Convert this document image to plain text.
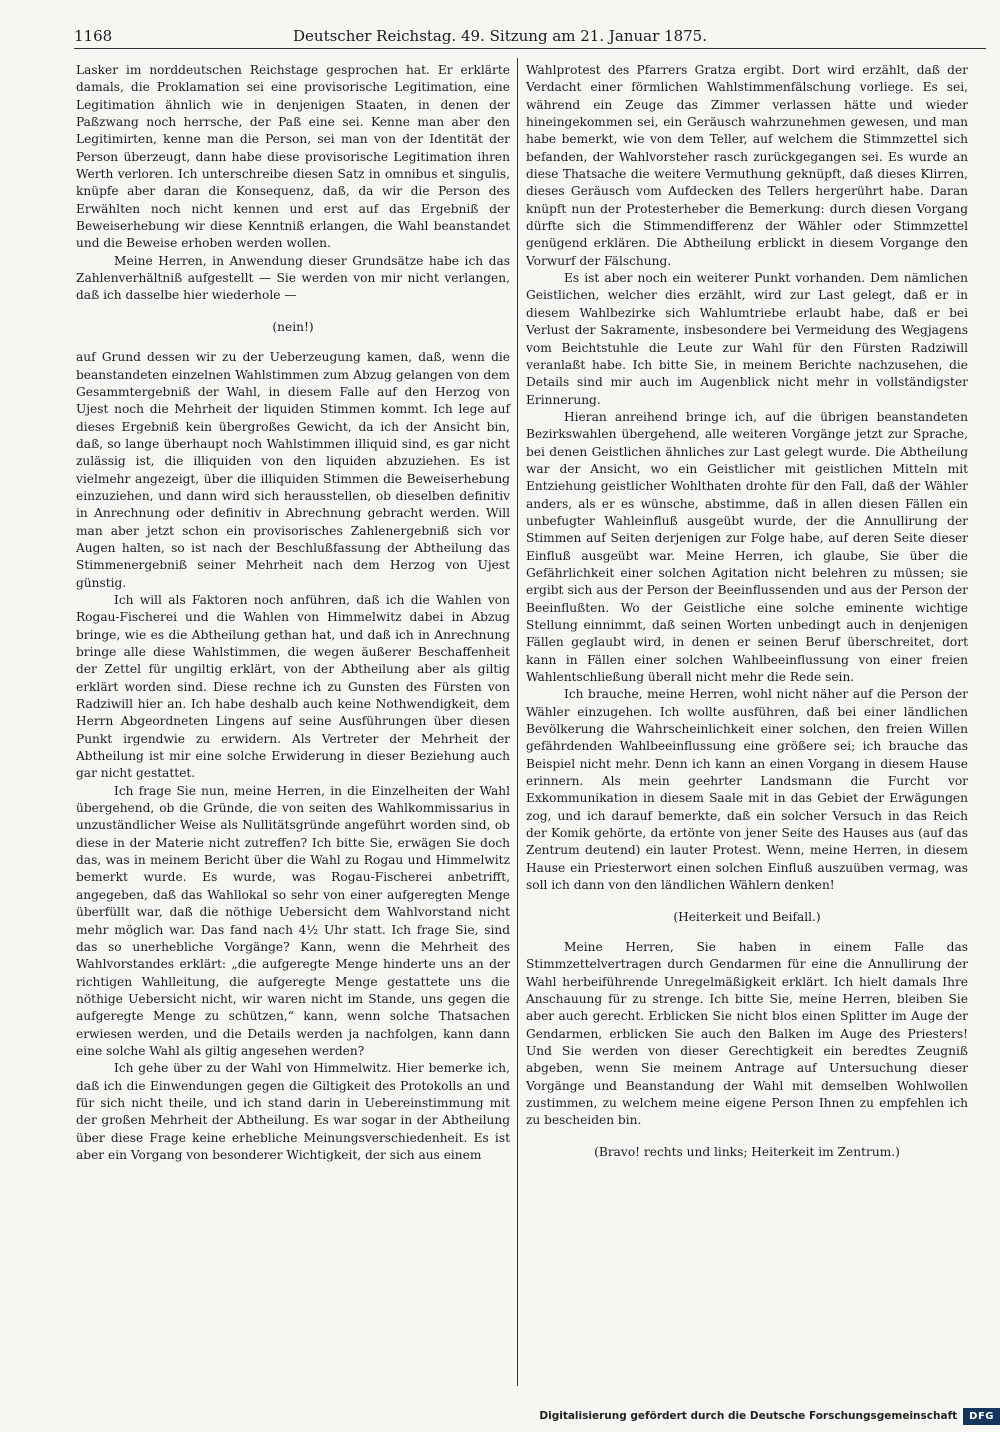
1168	Deutscher Reichstag. 49. Sitzung am 21. Januar 1875.

Lasker im norddeutschen Reichstage gesprochen hat. Er erklärte damals, die Proklamation sei eine provisorische Legitimation, eine Legitimation ähnlich wie in denjenigen Staaten, in denen der Paßzwang noch herrsche, der Paß eine sei. Kenne man aber den Legitimirten, kenne man die Person, sei man von der Identität der Person überzeugt, dann habe diese provisorische Legitimation ihren Werth verloren. Ich unterschreibe diesen Satz in omnibus et singulis, knüpfe aber daran die Konsequenz, daß, da wir die Person des Erwählten noch nicht kennen und erst auf das Ergebniß der Beweiserhebung wir diese Kenntniß erlangen, die Wahl beanstandet und die Beweise erhoben werden wollen.

Meine Herren, in Anwendung dieser Grundsätze habe ich das Zahlenverhältniß aufgestellt — Sie werden von mir nicht verlangen, daß ich dasselbe hier wiederhole —

(nein!)

auf Grund dessen wir zu der Ueberzeugung kamen, daß, wenn die beanstandeten einzelnen Wahlstimmen zum Abzug gelangen von dem Gesammtergebniß der Wahl, in diesem Falle auf den Herzog von Ujest noch die Mehrheit der liquiden Stimmen kommt. Ich lege auf dieses Ergebniß kein übergroßes Gewicht, da ich der Ansicht bin, daß, so lange überhaupt noch Wahlstimmen illiquid sind, es gar nicht zulässig ist, die illiquiden von den liquiden abzuziehen. Es ist vielmehr angezeigt, über die illiquiden Stimmen die Beweiserhebung einzuziehen, und dann wird sich herausstellen, ob dieselben definitiv in Anrechnung oder definitiv in Abrechnung gebracht werden. Will man aber jetzt schon ein provisorisches Zahlenergebniß sich vor Augen halten, so ist nach der Beschlußfassung der Abtheilung das Stimmenergebniß seiner Mehrheit nach dem Herzog von Ujest günstig.

Ich will als Faktoren noch anführen, daß ich die Wahlen von Rogau-Fischerei und die Wahlen von Himmelwitz dabei in Abzug bringe, wie es die Abtheilung gethan hat, und daß ich in Anrechnung bringe alle diese Wahlstimmen, die wegen äußerer Beschaffenheit der Zettel für ungiltig erklärt, von der Abtheilung aber als giltig erklärt worden sind. Diese rechne ich zu Gunsten des Fürsten von Radziwill hier an. Ich habe deshalb auch keine Nothwendigkeit, dem Herrn Abgeordneten Lingens auf seine Ausführungen über diesen Punkt irgendwie zu erwidern. Als Vertreter der Mehrheit der Abtheilung ist mir eine solche Erwiderung in dieser Beziehung auch gar nicht gestattet.

Ich frage Sie nun, meine Herren, in die Einzelheiten der Wahl übergehend, ob die Gründe, die von seiten des Wahlkommissarius in unzuständlicher Weise als Nullitätsgründe angeführt worden sind, ob diese in der Materie nicht zutreffen? Ich bitte Sie, erwägen Sie doch das, was in meinem Bericht über die Wahl zu Rogau und Himmelwitz bemerkt wurde. Es wurde, was Rogau-Fischerei anbetrifft, angegeben, daß das Wahllokal so sehr von einer aufgeregten Menge überfüllt war, daß die nöthige Uebersicht dem Wahlvorstand nicht mehr möglich war. Das fand nach 4½ Uhr statt. Ich frage Sie, sind das so unerhebliche Vorgänge? Kann, wenn die Mehrheit des Wahlvorstandes erklärt: „die aufgeregte Menge hinderte uns an der richtigen Wahlleitung, die aufgeregte Menge gestattete uns die nöthige Uebersicht nicht, wir waren nicht im Stande, uns gegen die aufgeregte Menge zu schützen,“ kann, wenn solche Thatsachen erwiesen werden, und die Details werden ja nachfolgen, kann dann eine solche Wahl als giltig angesehen werden?

Ich gehe über zu der Wahl von Himmelwitz. Hier bemerke ich, daß ich die Einwendungen gegen die Giltigkeit des Protokolls an und für sich nicht theile, und ich stand darin in Uebereinstimmung mit der großen Mehrheit der Abtheilung. Es war sogar in der Abtheilung über diese Frage keine erhebliche Meinungsverschiedenheit. Es ist aber ein Vorgang von besonderer Wichtigkeit, der sich aus einem

Wahlprotest des Pfarrers Gratza ergibt. Dort wird erzählt, daß der Verdacht einer förmlichen Wahlstimmenfälschung vorliege. Es sei, während ein Zeuge das Zimmer verlassen hätte und wieder hineingekommen sei, ein Geräusch wahrzunehmen gewesen, und man habe bemerkt, wie von dem Teller, auf welchem die Stimmzettel sich befanden, der Wahlvorsteher rasch zurückgegangen sei. Es wurde an diese Thatsache die weitere Vermuthung geknüpft, daß dieses Klirren, dieses Geräusch vom Aufdecken des Tellers hergerührt habe. Daran knüpft nun der Protesterheber die Bemerkung: durch diesen Vorgang dürfte sich die Stimmendifferenz der Wähler oder Stimmzettel genügend erklären. Die Abtheilung erblickt in diesem Vorgange den Vorwurf der Fälschung.

Es ist aber noch ein weiterer Punkt vorhanden. Dem nämlichen Geistlichen, welcher dies erzählt, wird zur Last gelegt, daß er in diesem Wahlbezirke sich Wahlumtriebe erlaubt habe, daß er bei Verlust der Sakramente, insbesondere bei Vermeidung des Wegjagens vom Beichtstuhle die Leute zur Wahl für den Fürsten Radziwill veranlaßt habe. Ich bitte Sie, in meinem Berichte nachzusehen, die Details sind mir auch im Augenblick nicht mehr in vollständigster Erinnerung.

Hieran anreihend bringe ich, auf die übrigen beanstandeten Bezirkswahlen übergehend, alle weiteren Vorgänge jetzt zur Sprache, bei denen Geistlichen ähnliches zur Last gelegt wurde. Die Abtheilung war der Ansicht, wo ein Geistlicher mit geistlichen Mitteln mit Entziehung geistlicher Wohlthaten drohte für den Fall, daß der Wähler anders, als er es wünsche, abstimme, daß in allen diesen Fällen ein unbefugter Wahleinfluß ausgeübt wurde, der die Annullirung der Stimmen auf Seiten derjenigen zur Folge habe, auf deren Seite dieser Einfluß ausgeübt war. Meine Herren, ich glaube, Sie über die Gefährlichkeit einer solchen Agitation nicht belehren zu müssen; sie ergibt sich aus der Person der Beeinflussenden und aus der Person der Beeinflußten. Wo der Geistliche eine solche eminente wichtige Stellung einnimmt, daß seinen Worten unbedingt auch in denjenigen Fällen geglaubt wird, in denen er seinen Beruf überschreitet, dort kann in Fällen einer solchen Wahlbeeinflussung von einer freien Wahlentschließung überall nicht mehr die Rede sein.

Ich brauche, meine Herren, wohl nicht näher auf die Person der Wähler einzugehen. Ich wollte ausführen, daß bei einer ländlichen Bevölkerung die Wahrscheinlichkeit einer solchen, den freien Willen gefährdenden Wahlbeeinflussung eine größere sei; ich brauche das Beispiel nicht mehr. Denn ich kann an einen Vorgang in diesem Hause erinnern. Als mein geehrter Landsmann die Furcht vor Exkommunikation in diesem Saale mit in das Gebiet der Erwägungen zog, und ich darauf bemerkte, daß ein solcher Versuch in das Reich der Komik gehörte, da ertönte von jener Seite des Hauses aus (auf das Zentrum deutend) ein lauter Protest. Wenn, meine Herren, in diesem Hause ein Priesterwort einen solchen Einfluß auszuüben vermag, was soll ich dann von den ländlichen Wählern denken!

(Heiterkeit und Beifall.)

Meine Herren, Sie haben in einem Falle das Stimmzettelvertragen durch Gendarmen für eine die Annullirung der Wahl herbeiführende Unregelmäßigkeit erklärt. Ich hielt damals Ihre Anschauung für zu strenge. Ich bitte Sie, meine Herren, bleiben Sie aber auch gerecht. Erblicken Sie nicht blos einen Splitter im Auge der Gendarmen, erblicken Sie auch den Balken im Auge des Priesters! Und Sie werden von dieser Gerechtigkeit ein beredtes Zeugniß abgeben, wenn Sie meinem Antrage auf Untersuchung dieser Vorgänge und Beanstandung der Wahl mit demselben Wohlwollen zustimmen, zu welchem meine eigene Person Ihnen zu empfehlen ich zu bescheiden bin.

(Bravo! rechts und links; Heiterkeit im Zentrum.)

Digitalisierung gefördert durch die Deutsche Forschungsgemeinschaft	DFG
